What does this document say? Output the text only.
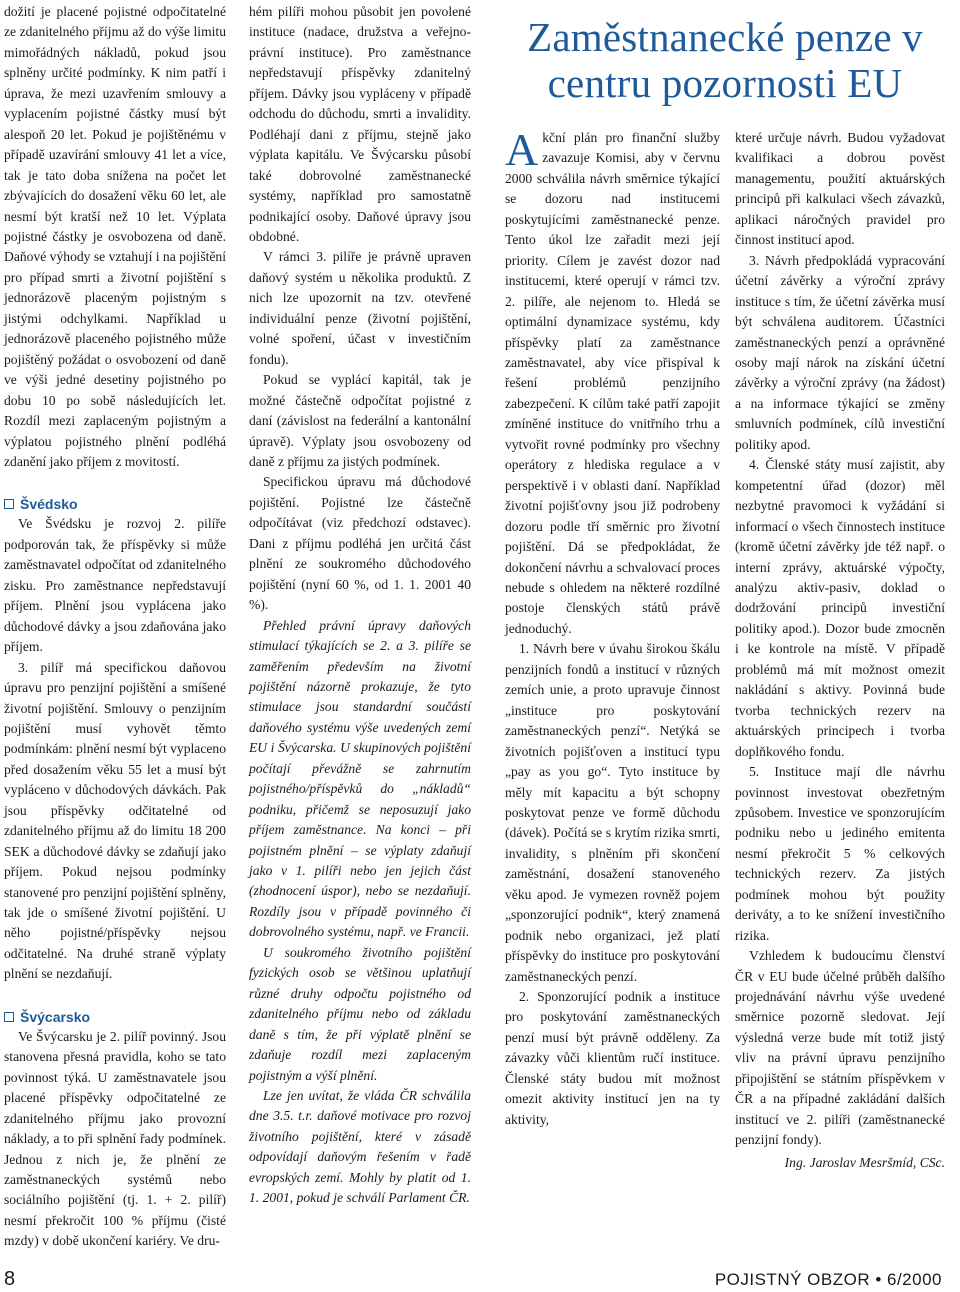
dožití je placené pojistné odpočitatelné ze zdanitelného příjmu až do výše limitu mimořádných nákladů, pokud jsou splněny určité podmínky. K nim patří i úprava, že mezi uzavřením smlouvy a vyplacením pojistné částky musí být alespoň 20 let. Pokud je pojištěnému v případě uzavírání smlouvy 41 let a více, tak je tato doba snížena na počet let zbývajících do dosažení věku 60 let, ale nesmí být kratší než 10 let. Výplata pojistné částky je osvobozena od daně. Daňové výhody se vztahují i na pojištění pro případ smrti a životní pojištění s jednorázově placeným pojistným s jistými odchylkami. Například u jednorázově placeného pojistného může pojištěný požádat o osvobození od daně ve výši jedné desetiny pojistného po dobu 10 po sobě následujících let. Rozdíl mezi zaplaceným pojistným a výplatou pojistného plnění podléhá zdanění jako příjem z movitostí.

Švédsko

Ve Švédsku je rozvoj 2. pilíře podporován tak, že příspěvky si může zaměstnavatel odpočítat od zdanitelného zisku. Pro zaměstnance nepředstavují příjem. Plnění jsou vyplácena jako důchodové dávky a jsou zdaňována jako příjem.

3. pilíř má specifickou daňovou úpravu pro penzijní pojištění a smíšené životní pojištění. Smlouvy o penzijním pojištění musí vyhovět těmto podmínkám: plnění nesmí být vyplaceno před dosažením věku 55 let a musí být vypláceno v důchodových dávkách. Pak jsou příspěvky odčitatelné od zdanitelného příjmu až do limitu 18 200 SEK a důchodové dávky se zdaňují jako příjem. Pokud nejsou podmínky stanovené pro penzijní pojištění splněny, tak jde o smíšené životní pojištění. U něho pojistné/příspěvky nejsou odčitatelné. Na druhé straně výplaty plnění se nezdaňují.

Švýcarsko

Ve Švýcarsku je 2. pilíř povinný. Jsou stanovena přesná pravidla, koho se tato povinnost týká. U zaměstnavatele jsou placené příspěvky odpočitatelné ze zdanitelného příjmu jako provozní náklady, a to při splnění řady podmínek. Jednou z nich je, že plnění ze zaměstnaneckých systémů nebo sociálního pojištění (tj. 1. + 2. pilíř) nesmí překročit 100 % příjmu (čisté mzdy) v době ukončení kariéry. Ve dru-

hém pilíři mohou působit jen povolené instituce (nadace, družstva a veřejno-právní instituce). Pro zaměstnance nepředstavují příspěvky zdanitelný příjem. Dávky jsou vypláceny v případě odchodu do důchodu, smrti a invalidity. Podléhají dani z příjmu, stejně jako výplata kapitálu. Ve Švýcarsku působí také dobrovolné zaměstnanecké systémy, například pro samostatně podnikající osoby. Daňové úpravy jsou obdobné.

V rámci 3. pilíře je právně upraven daňový systém u několika produktů. Z nich lze upozornit na tzv. otevřené individuální penze (životní pojištění, volné spoření, účast v investičním fondu).

Pokud se vyplácí kapitál, tak je možné částečně odpočítat pojistné z daní (závislost na federální a kantonální úpravě). Výplaty jsou osvobozeny od daně z příjmu za jistých podmínek.

Specifickou úpravu má důchodové pojištění. Pojistné lze částečně odpočítávat (viz předchozí odstavec). Dani z příjmu podléhá jen určitá část plnění ze soukromého důchodového pojištění (nyní 60 %, od 1. 1. 2001 40 %).

Přehled právní úpravy daňových stimulací týkajících se 2. a 3. pilíře se zaměřením především na životní pojištění názorně prokazuje, že tyto stimulace jsou standardní součástí daňového systému výše uvedených zemí EU i Švýcarska. U skupinových pojištění počítají převážně se zahrnutím pojistného/příspěvků do „nákladů“ podniku, přičemž se neposuzují jako příjem zaměstnance. Na konci – při pojistném plnění – se výplaty zdaňují jako v 1. pilíři nebo jen jejich část (zhodnocení úspor), nebo se nezdaňují. Rozdíly jsou v případě povinného či dobrovolného systému, např. ve Francii.

U soukromého životního pojištění fyzických osob se většinou uplatňují různé druhy odpočtu pojistného od zdanitelného příjmu nebo od základu daně s tím, že při výplatě plnění se zdaňuje rozdíl mezi zaplaceným pojistným a výší plnění.

Lze jen uvítat, že vláda ČR schválila dne 3.5. t.r. daňové motivace pro rozvoj životního pojištění, které v zásadě odpovídají daňovým řešením v řadě evropských zemí. Mohly by platit od 1. 1. 2001, pokud je schválí Parlament ČR.

Zaměstnanecké penze v centru pozornosti EU

Akční plán pro finanční služby zavazuje Komisi, aby v červnu 2000 schválila návrh směrnice týkající se dozoru nad institucemi poskytujícími zaměstnanecké penze. Tento úkol lze zařadit mezi její priority. Cílem je zavést dozor nad institucemi, které operují v rámci tzv. 2. pilíře, ale nejenom to. Hledá se optimální dynamizace systému, kdy příspěvky platí za zaměstnance zaměstnavatel, aby více přispíval k řešení problémů penzijního zabezpečení. K cílům také patří zapojit zmíněné instituce do vnitřního trhu a vytvořit rovné podmínky pro všechny operátory z hlediska regulace a v perspektivě i v oblasti daní. Například životní pojišťovny jsou již podrobeny dozoru podle tří směrnic pro životní pojištění. Dá se předpokládat, že dokončení návrhu a schvalovací proces nebude s ohledem na některé rozdílné postoje členských států právě jednoduchý.

1. Návrh bere v úvahu širokou škálu penzijních fondů a institucí v různých zemích unie, a proto upravuje činnost „instituce pro poskytování zaměstnaneckých penzí“. Netýká se životních pojišťoven a institucí typu „pay as you go“. Tyto instituce by měly mít kapacitu a být schopny poskytovat penze ve formě důchodu (dávek). Počítá se s krytím rizika smrti, invalidity, s plněním při skončení zaměstnání, dosažení stanoveného věku apod. Je vymezen rovněž pojem „sponzorující podnik“, který znamená podnik nebo organizaci, jež platí příspěvky do instituce pro poskytování zaměstnaneckých penzí.

2. Sponzorující podnik a instituce pro poskytování zaměstnaneckých penzí musí být právně odděleny. Za závazky vůči klientům ručí instituce. Členské státy budou mít možnost omezit aktivity institucí jen na ty aktivity,

které určuje návrh. Budou vyžadovat kvalifikaci a dobrou pověst managementu, použití aktuárských principů při kalkulaci všech závazků, aplikaci náročných pravidel pro činnost institucí apod.

3. Návrh předpokládá vypracování účetní závěrky a výroční zprávy instituce s tím, že účetní závěrka musí být schválena auditorem. Účastníci zaměstnaneckých penzí a oprávněné osoby mají nárok na získání účetní závěrky a výroční zprávy (na žádost) a na informace týkající se změny smluvních podmínek, cílů investiční politiky apod.

4. Členské státy musí zajistit, aby kompetentní úřad (dozor) měl nezbytné pravomoci k vyžádání si informací o všech činnostech instituce (kromě účetní závěrky jde též např. o interní zprávy, aktuárské výpočty, analýzu aktiv-pasiv, doklad o dodržování principů investiční politiky apod.). Dozor bude zmocněn i ke kontrole na místě. V případě problémů má mít možnost omezit nakládání s aktivy. Povinná bude tvorba technických rezerv na aktuárských principech i tvorba doplňkového fondu.

5. Instituce mají dle návrhu povinnost investovat obezřetným způsobem. Investice ve sponzorujícím podniku nebo u jediného emitenta nesmí překročit 5 % celkových technických rezerv. Za jistých podmínek mohou být použity deriváty, a to ke snížení investičního rizika.

Vzhledem k budoucímu členství ČR v EU bude účelné průběh dalšího projednávání návrhu výše uvedené směrnice pozorně sledovat. Její výsledná verze bude mít totiž jistý vliv na právní úpravu penzijního připojištění se státním příspěvkem v ČR a na případné zakládání dalších institucí ve 2. pilíři (zaměstnanecké penzijní fondy).

Ing. Jaroslav Mesršmíd, CSc.

8	POJISTNÝ OBZOR • 6/2000
